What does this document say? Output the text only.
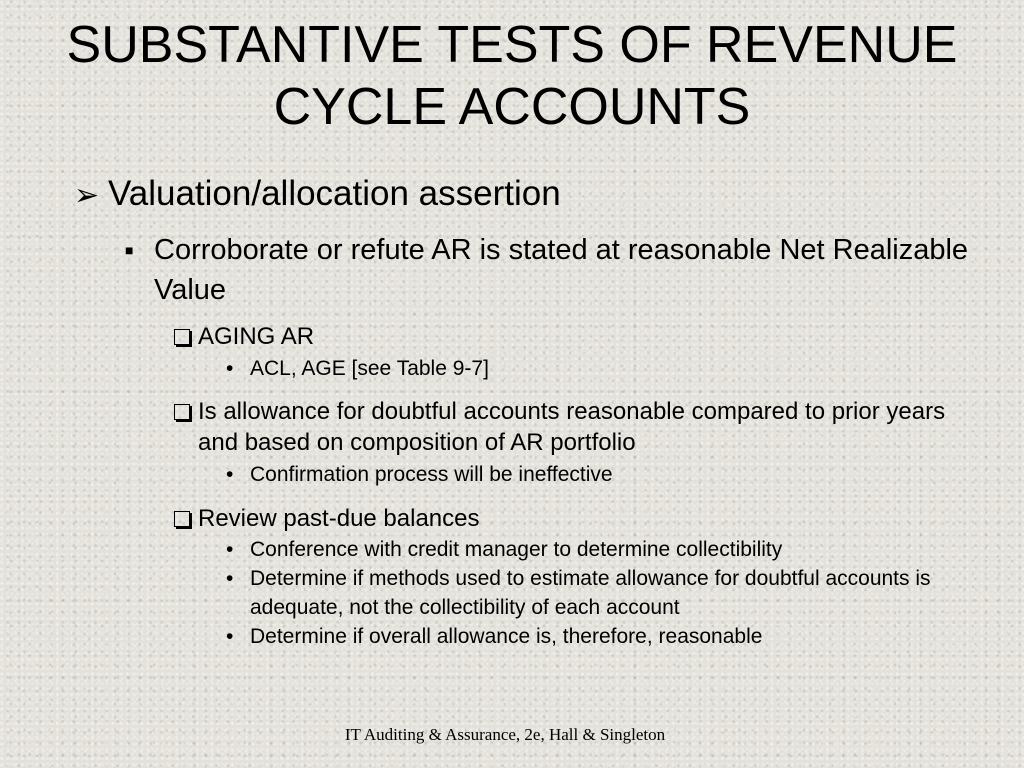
SUBSTANTIVE TESTS OF REVENUE
CYCLE ACCOUNTS
➢ Valuation/allocation assertion
■ Corroborate or refute AR is stated at reasonable Net Realizable Value
AGING AR
• ACL, AGE [see Table 9-7]
Is allowance for doubtful accounts reasonable compared to prior years and based on composition of AR portfolio
• Confirmation process will be ineffective
Review past-due balances
• Conference with credit manager to determine collectibility
• Determine if methods used to estimate allowance for doubtful accounts is adequate, not the collectibility of each account
• Determine if overall allowance is, therefore, reasonable
IT Auditing & Assurance, 2e, Hall & Singleton
